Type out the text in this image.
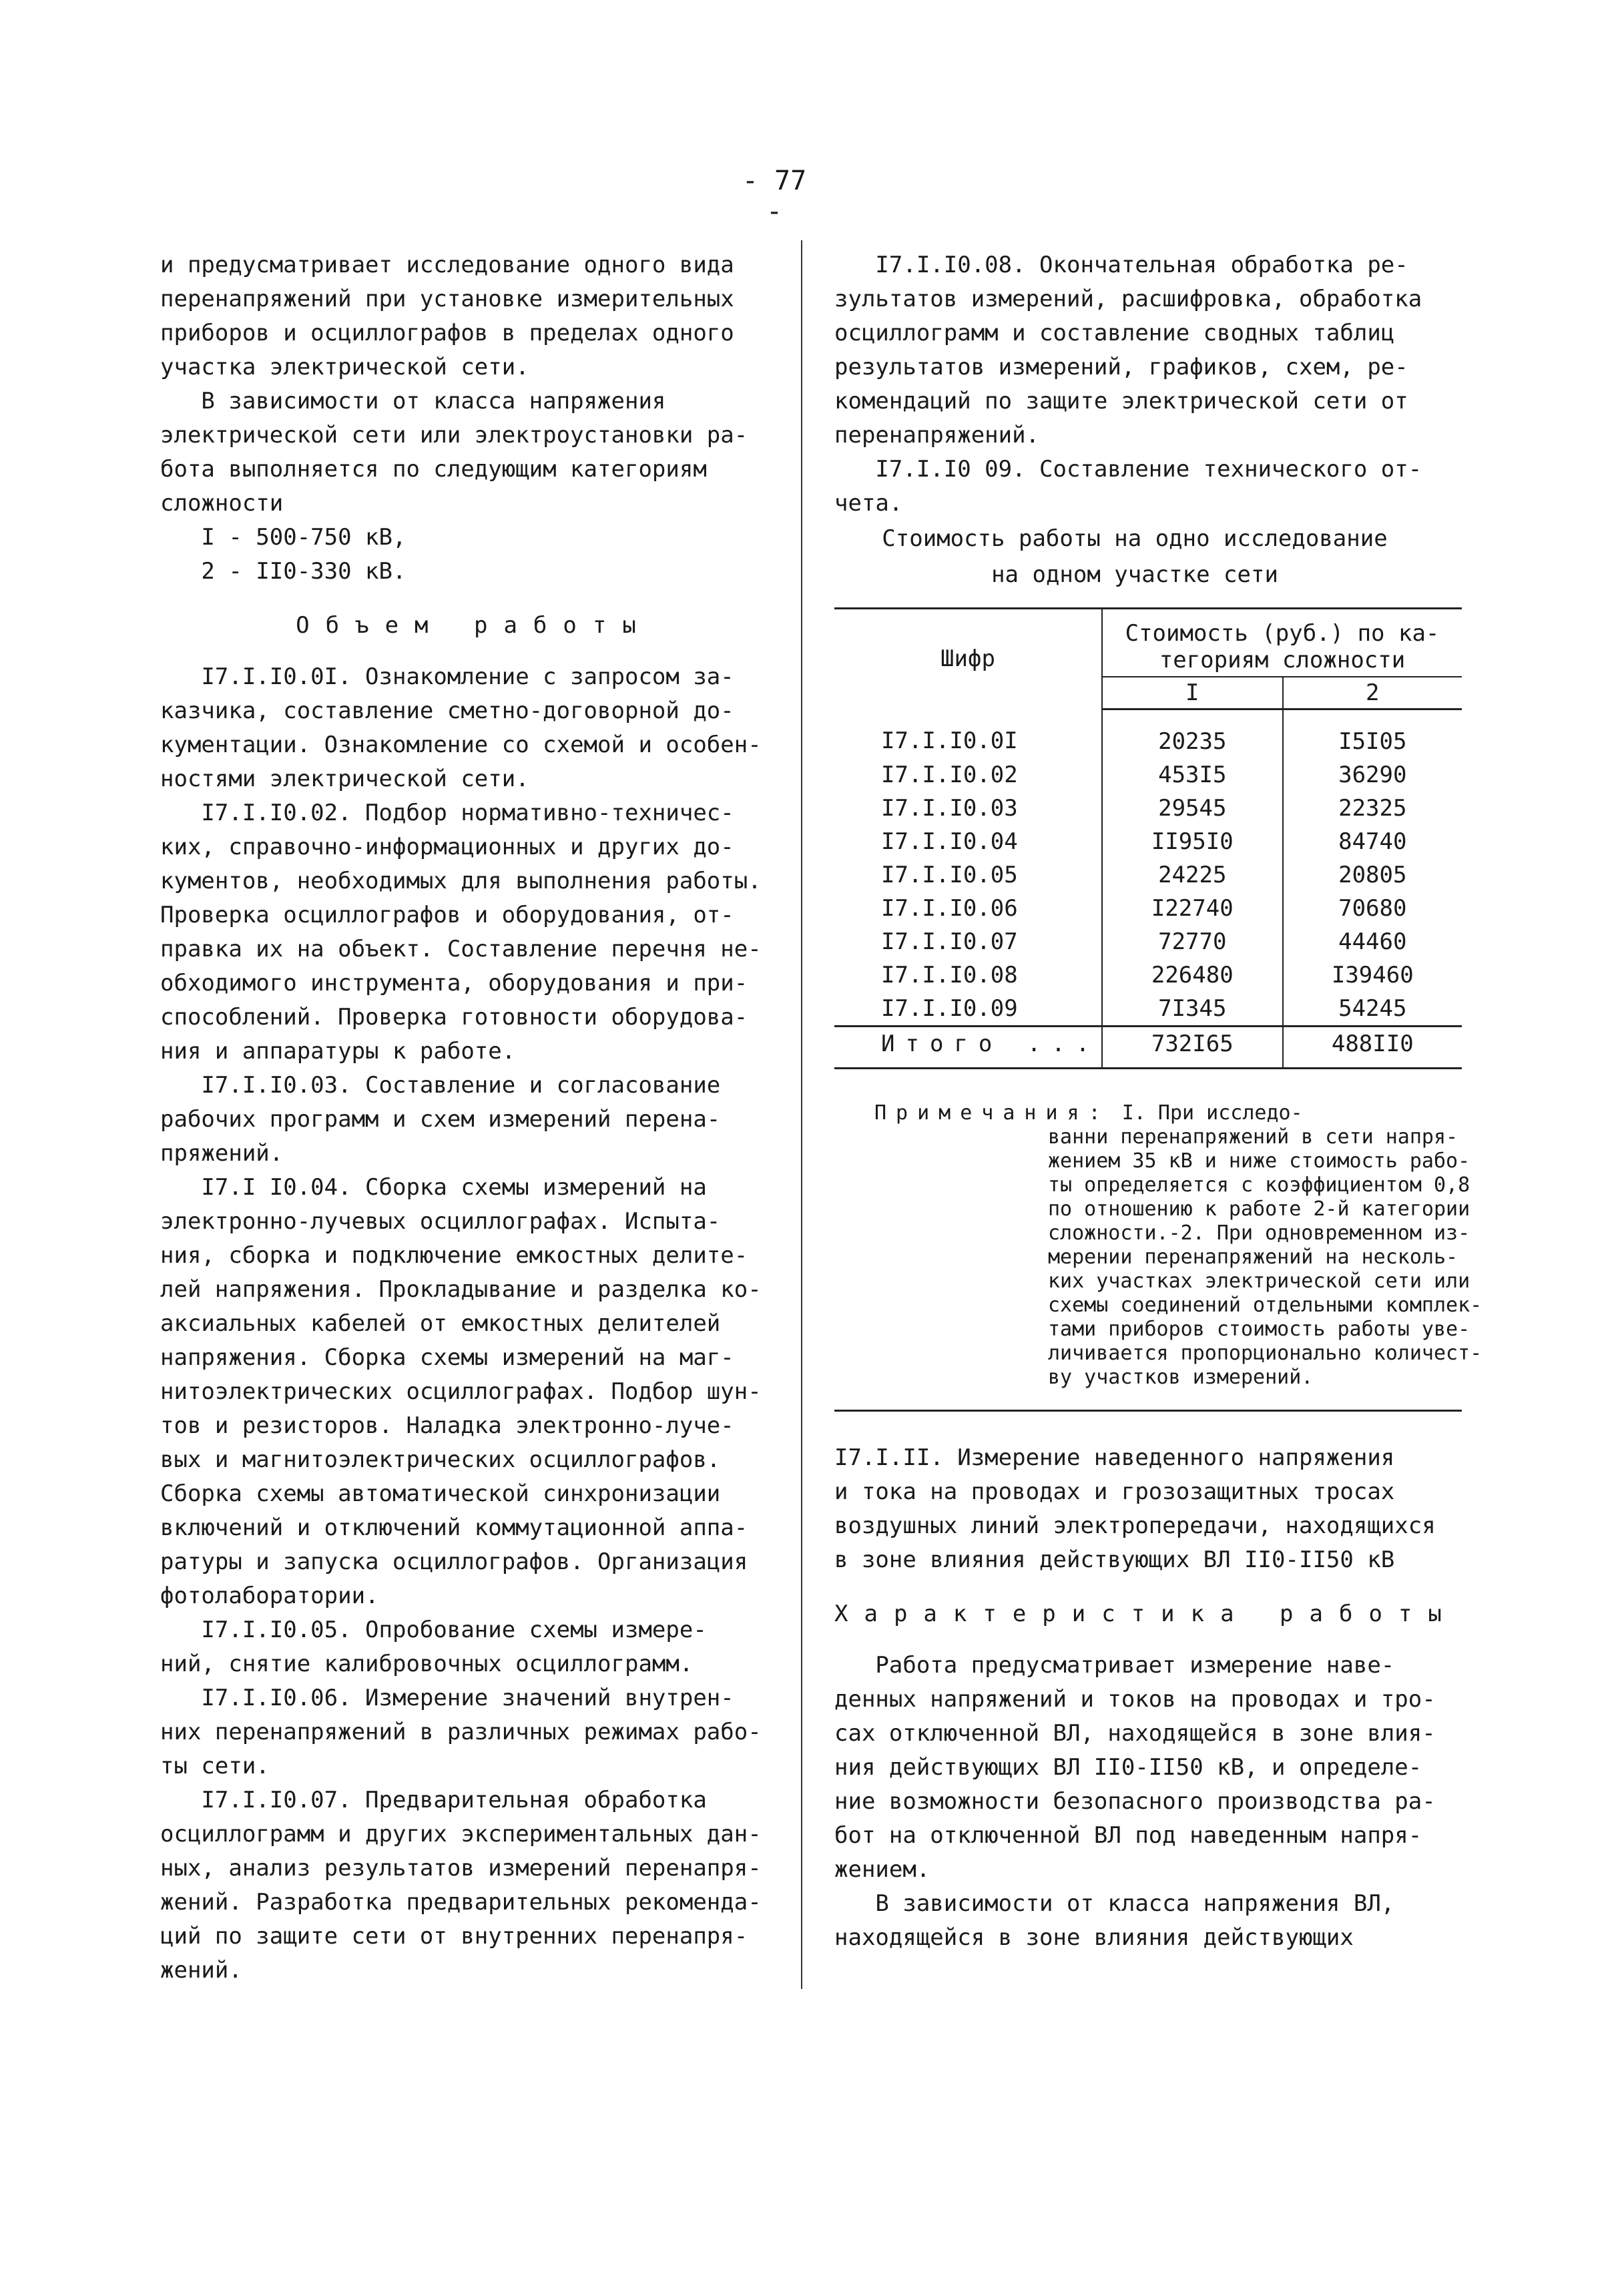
- 77 -
и предусматривает исследование одного вида
перенапряжений при установке измерительных
приборов и осциллографов в пределах одного
участка электрической сети.
В зависимости от класса напряжения
электрической сети или электроустановки ра-
бота выполняется по следующим категориям
сложности
I - 500-750 кВ,
2 - II0-330 кВ.
Объем работы
I7.I.I0.0I. Ознакомление с запросом за-
казчика, составление сметно-договорной до-
кументации. Ознакомление со схемой и особен-
ностями электрической сети.
I7.I.I0.02. Подбор нормативно-техничес-
ких, справочно-информационных и других до-
кументов, необходимых для выполнения работы.
Проверка осциллографов и оборудования, от-
правка их на объект. Составление перечня не-
обходимого инструмента, оборудования и при-
способлений. Проверка готовности оборудова-
ния и аппаратуры к работе.
I7.I.I0.03. Составление и согласование
рабочих программ и схем измерений перена-
пряжений.
I7.I I0.04. Сборка схемы измерений на
электронно-лучевых осциллографах. Испыта-
ния, сборка и подключение емкостных делите-
лей напряжения. Прокладывание и разделка ко-
аксиальных кабелей от емкостных делителей
напряжения. Сборка схемы измерений на маг-
нитоэлектрических осциллографах. Подбор шун-
тов и резисторов. Наладка электронно-луче-
вых и магнитоэлектрических осциллографов.
Сборка схемы автоматической синхронизации
включений и отключений коммутационной аппа-
ратуры и запуска осциллографов. Организация
фотолаборатории.
I7.I.I0.05. Опробование схемы измере-
ний, снятие калибровочных осциллограмм.
I7.I.I0.06. Измерение значений внутрен-
них перенапряжений в различных режимах рабо-
ты сети.
I7.I.I0.07. Предварительная обработка
осциллограмм и других экспериментальных дан-
ных, анализ результатов измерений перенапря-
жений. Разработка предварительных рекоменда-
ций по защите сети от внутренних перенапря-
жений.
I7.I.I0.08. Окончательная обработка ре-
зультатов измерений, расшифровка, обработка
осциллограмм и составление сводных таблиц
результатов измерений, графиков, схем, ре-
комендаций по защите электрической сети от
перенапряжений.
I7.I.I0 09. Составление технического от-
чета.
Стоимость работы на одно исследование
на одном участке сети
Шифр	Стоимость (руб.) по ка-
тегориям сложности	

	I	2
I7.I.I0.0I	20235	I5I05
I7.I.I0.02	453I5	36290
I7.I.I0.03	29545	22325
I7.I.I0.04	II95I0	84740
I7.I.I0.05	24225	20805
I7.I.I0.06	I22740	70680
I7.I.I0.07	72770	44460
I7.I.I0.08	226480	I39460
I7.I.I0.09	7I345	54245
Итого ...	732I65	488II0
Примечания: I. При исследо-
ванни перенапряжений в сети напря-
жением 35 кВ и ниже стоимость рабо-
ты определяется с коэффициентом 0,8
по отношению к работе 2-й категории
сложности.-2. При одновременном из-
мерении перенапряжений на несколь-
ких участках электрической сети или
схемы соединений отдельными комплек-
тами приборов стоимость работы уве-
личивается пропорционально количест-
ву участков измерений.
I7.I.II. Измерение наведенного напряжения
и тока на проводах и грозозащитных тросах
воздушных линий электропередачи, находящихся
в зоне влияния действующих ВЛ II0-II50 кВ
Характеристика работы
Работа предусматривает измерение наве-
денных напряжений и токов на проводах и тро-
сах отключенной ВЛ, находящейся в зоне влия-
ния действующих ВЛ II0-II50 кВ, и определе-
ние возможности безопасного производства ра-
бот на отключенной ВЛ под наведенным напря-
жением.
В зависимости от класса напряжения ВЛ,
находящейся в зоне влияния действующих
